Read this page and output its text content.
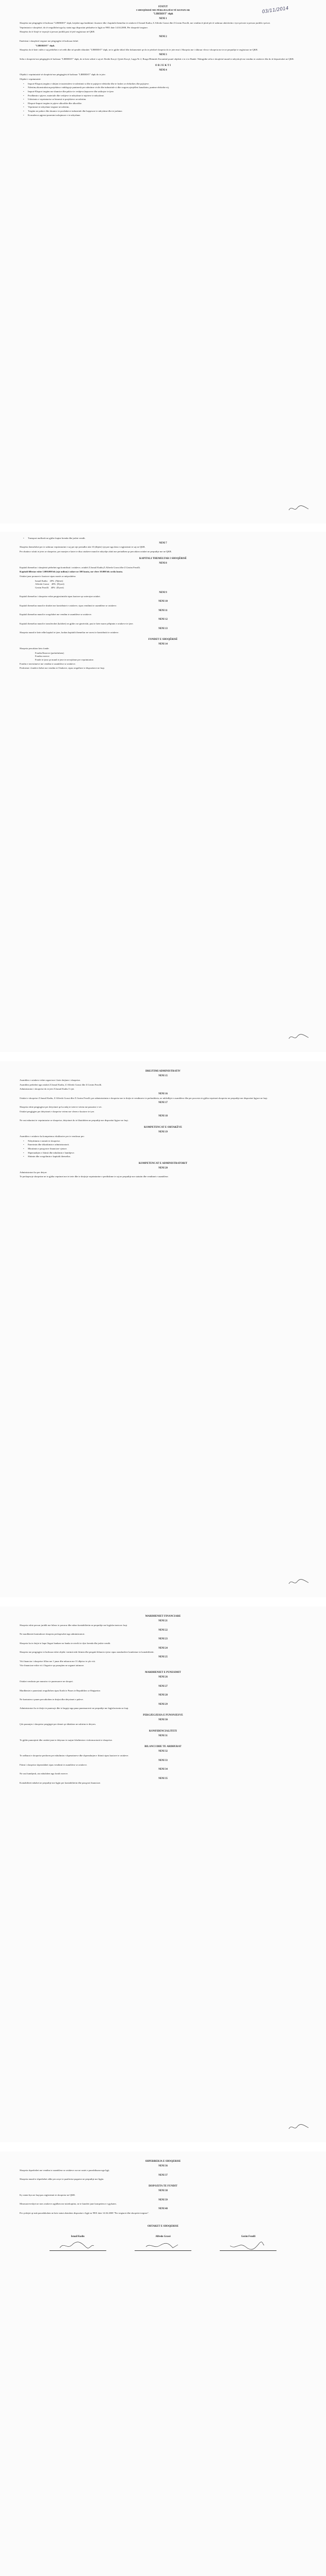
03/11/2014
STATUT
I SHOQËRISË ME PËRGJEGJËSI TË KUFIZUAR
"LIBERIST" shpk
NENI 1
Shoqëria me përgjegjësi të kufizuar "LIBERIST" shpk, krijohet nga bashkimi i kuotave dhe i kapitalit themeltar te ortakeve Z.Ismail Kadiu, Z.Alfredo Grassi dhe Z.Gezim Fezolli, me vendim të plotë për të ushtruar aktivitetin e tyre private si person juridik e privat.
Veprimtaria e shoqërisë, do të rregullohet nga ky statut nga dispozitat përkatëse te ligjit nr 9901 date 14.04.2008, Për shoqeritë tregtare.
Shoqëria do të fitojë te veprojë si person juridik pasi të jetë regjistruar në QKR.
NENI 2
Emërtimi i shoqërisë tregtare me përgjegjësi të kufizuar është:
"LIBERIST" shpk.
Shoqëria do të kete vulën e saj përbëhet e në rrëth dhe në qendër shkruhet "LIBERIST" shpk, ne te gjithe shkrif dhe dokumentet qe do te përdorë shoqeria do te jete emri i Shoqeria me i shkruar vlera e shoqeria me te ne perputhje te regjistruar ne QKR.
NENI 3
Selia e shoqerisë me përgjegjësi të kufizuar "LIBERIST" shpk, do te kete selinë e saj në: Rrethi Korçë, Qyteti Korçë, Lagja Nr 2, Rruga Dhimitër Korantinë pranë objektit e te ri te Bankë. Ndergjithe selia e shoqërisë mund te ndryshojë me vendim te ortakeve dhe do të depozitohet ne QKR.
O B J E K T I
NENI 4
Objekti i veprimtarisë së shoqërisë me përgjegjësi të kufizuar "LIBERIST" shpk do te jete:
Objekti i veprimtarisë:
• Import-Eksport,tregtim e shitjen te materialeve te ndertimit si dhe te pajisjeve elektrike dhe te fushes se elektrikes dhe pajisjeve.
• Ndertim,rikonstruksion,projektim e mbikqyrje punimesh per ndertime civile dhe industriale si dhe rrugore,ujesjellesi kanalizim, punime elektrike etj.
• Import-Eksport tregtim me shumice dhe pakice te veshjeve,kepuceve dhe artikujve te tjere.
• Prodhimin e pijeve, materiale dhe veshjeve te ndryshme te mjeteve te ndryshme.
• Ushtrimin e veprimtarise se biznesit te projekteve ne ndertim.
• Eksport-Import tregtim te pijeve alkoolike dhe alkoolike.
• Veprimtari te ndryshme tregtare ne ndertim.
• Tregtim ne pakice dhe shumice te produkteve industriale dhe bujqesore te ndryshme dhe te jashtme.
• Konsulence,agjensi punesimi ushqimore e te ndryshme.
• Transport mallrash ne gjithe fuqine brenda dhe jashte vendit.
NENI 7
Shoqëria themelohet per te ushtruar veprimtarine e saj per nje periudhe afat 10 (dhjete) vjeçare nga data e regjistrimit te saj ne QKR.
Per zbatim e afatit te jetes se shoqerise, per marrjen e kater te disa ortakeve mund te ndryshje afatit me periudhen qe percakton ortaket ne perputhje me ne QKR.
KAPITALI THEMELTAR I SHOQËRISË
NENI 8
Kapitali themeltar i shoqërisë përbehet nga kontributi i ortakeve, ortakët Z.Ismail Kadiu,Z.Alfredo Grassi dhe Z.Gezim Fezolli.
Kapitali fillestar eshte 1.000.000 lek (nje milion) i ndare ne 100 kuota, me vlere 10.000 lek secila kuota.
Ortaket jane pronaret e kuotave sipas masës se mëposhtëm:
Ismail Kadiu 20% (Njëzet)
Alfredo Grassi 40% (Dyzet)
Gezim Fezolli 40% (Dyzet)
NENI 9
Kapitali themeltar i shoqerise eshte perpjestimisht sipas kuotave qe zoterojne ortaket.
NENI 10
Kapitali themeltar mund te shtohet me kontributet e ortakeve, sipas vendimit te asamblese se ortakeve.
NENI 11
Kapitali themeltar mund te zvogelohet me vendim te asamblese se ortakeve.
NENI 12
Kapitali themeltar mund te transferohet (kalohet) ne gjithe ose pjesërisht, pasi te kete marre pëlqimin e ortakeve te tjere.
NENI 13
Shoqeria mund te kete edhe kapital te tjere, krahas kapitalit themeltar ne varesi te kontributit te ortakeve.
FONDET E SHOQËRISË
NENI 14
Shoqeria percakton keto fonde:
Fondin Rezerve (perkohshem)
Fondin rezerve
Fonde te tjera qe mund te jene te nevojshme per veprimtarine.
Fondin e investimeve me vendim te asamblese se ortakeve.
Perdorimi i fondeve behet me vendim te Ortakeve, sipas rregullave te dispozitave ne fuqi.
DREJTIMI ADMINISTRATIV
NENI 15
Asamblea e ortakeve eshte organi me i larte drejtues i shoqerise.
Asamblea perbehet nga ortaket Z.Ismail Kadiu, Z.Alfredo Grassi dhe Z.Gezim Fezolli.
Administrator i shoqerise do te jete Z.Ismail Kadiu 5 vjet.
NENI 16
Ortaket e shoqerise Z.Ismail Kadiu, Z.Alfredo Grassi dhe Z.Gezim Fezolli, per administrimin e shoqerise me te drejta te vendimeve te perbashketa, ne mbledhjet e asamblese dhe per procesin te gjitha veprimet shoqerise ne perputhje me dispozitat ligjore ne fuqi.
NENI 17
Shoqeria eshte pergjegjese per detyrimet qe ka ndaj te treteve vetem me pasurine e vet.
Ortaket pergjigjen per detyrimet e shoqerise vetem me vleren e kuotave te tyre.
NENI 18
Ne rast mbarimi te veprimtarise se shoqerise, detyrimet do te likuidohen ne perputhje me dispozitat ligjore ne fuqi.
KOMPETENCAT E ORTAKËVE
NENI 19
Asamblea e ortakeve ka kompetenca ekskluzive per te vendosur per:
• Ndryshimin e statutit te shoqerise.
• Emerimin dhe shkarkimin e administratorit.
• Miratimin e pasqyrave financiare vjetore.
• Shpernadrjen e fitimit dhe mbulimin e humbjeve.
• Shtimin dhe zvogelimin e kapitalit themeltar.
KOMPETENCAT E ADMINISTRATORIT
NENI 20
Administratori ka per detyre:
Te perfaqesoje shoqerine ne te gjitha veprimet me te trete dhe te drejtoje veprimtarine e perditshme te saj ne perputhje me statutin dhe vendimet e asamblese.
MARDHENIET FINANCIARE
NENI 21
Shoqeria eshte person juridik me bilanc te pavarur dhe mban kontabilitetin ne perputhje me legjislacionin ne fuqi.
NENI 22
Ne mardheniet kontraktore shoqeria perfaqesohet nga administratori.
NENI 23
Shoqeria ka te drejte te hape llogari bankare ne banka te nivelit te dyte brenda dhe jashte vendit.
NENI 24
Shoqeria me pergjegjesi te kufizuar eshte objekt i tatimit mbi fitimin dhe pergatit bilancin vjetor sipas standardeve kombetare te kontabilitetit.
NENI 25
Viti financiar i shoqerise fillon me 1 janar dhe mbaron me 31 dhjetor te çdo viti.
Vite financiare eshte vit i llogarive qe paraqiten ne organet tatimore.
MARDHENIET E PUNESIMIT
NENI 26
Ortaket vendosin per numrin e te punesuarve ne shoqeri.
NENI 27
Mardheniet e punesimit rregullohen sipas Kodit te Punes te Republikes se Shqiperise.
NENI 28
Ne kontraten e punes percaktohen te drejtat dhe detyrimet e paleve.
NENI 29
Administratori ka te drejte te punesoje dhe te largoje nga puna punemarresit ne perputhje me legjislacionin ne fuqi.
PERGJEGJESIA E PUNONJESVE
NENI 30
Çdo punonjes i shoqerise pergjigjet per demet qe shkakton ne ushtrim te detyres.
KONFIDENCIALITETI
NENI 31
Te gjithe punonjesit dhe ortaket jane te detyruar te ruajne fshehtesine e informacionit te shoqerise.
BILANCI DHE TE ARDHURAT
NENI 32
Te ardhurat e shoqerise perdoren per mbulimin e shpenzimeve dhe shperndarjen e fitimit sipas kuotave te ortakeve.
NENI 33
Fitimi i shoqerise shperndahet sipas vendimit te asamblese se ortakeve.
NENI 34
Ne rast humbjesh, ato mbulohen nga fondi rezerve.
NENI 35
Kontabiliteti mbahet ne perputhje me ligjin per kontabilitetin dhe pasqyrat financiare.
SHPERBERJA E SHOQERISE
NENI 36
Shoqeria shperbehet me vendim te asamblese se ortakeve ose ne rastet e parashikuara nga ligji.
NENI 37
Shoqeria mund te shperbehet edhe per arsye te paaftesise paguese ne perputhje me ligjin.
DISPOZITA TE FUNDIT
NENI 38
Ky statut hyn ne fuqi pas regjistrimit te shoqerise ne QKR.
NENI 39
Mosmarreveshjet ne mes ortakeve zgjidhen me mirekuptim, ne te kundert jane kompetence e gjykates.
NENI 40
Per çeshtjet qe nuk parashikohen ne kete statut zbatohen dispozitat e ligjit nr 9901 date 14.04.2008 "Per tregtaret dhe shoqerite tregtare".
ORTAKET E SHOQERISE
Ismail Kadiu	Alfredo Grassi	Gezim Fezolli
